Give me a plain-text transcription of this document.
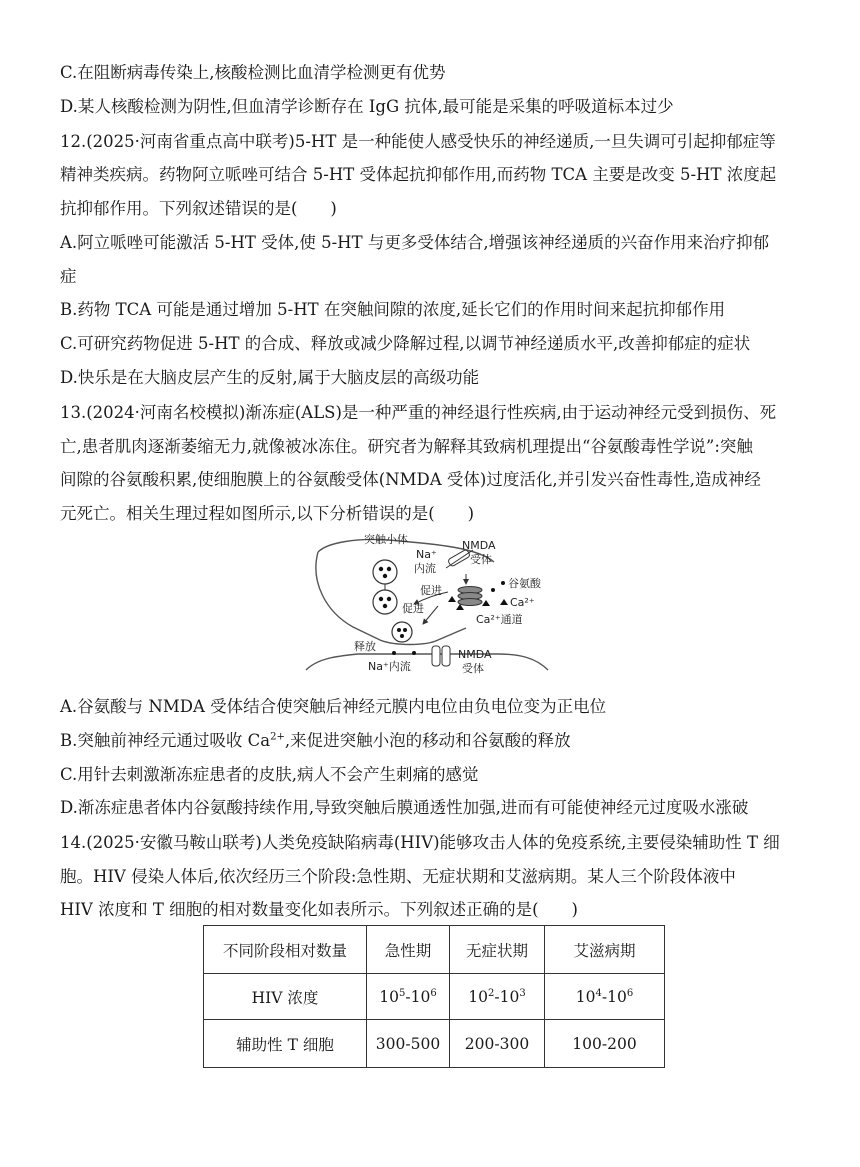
C.在阻断病毒传染上,核酸检测比血清学检测更有优势
D.某人核酸检测为阴性,但血清学诊断存在 IgG 抗体,最可能是采集的呼吸道标本过少
12.(2025·河南省重点高中联考)5-HT 是一种能使人感受快乐的神经递质,一旦失调可引起抑郁症等
精神类疾病。药物阿立哌唑可结合 5-HT 受体起抗抑郁作用,而药物 TCA 主要是改变 5-HT 浓度起
抗抑郁作用。下列叙述错误的是(　　)
A.阿立哌唑可能激活 5-HT 受体,使 5-HT 与更多受体结合,增强该神经递质的兴奋作用来治疗抑郁
症
B.药物 TCA 可能是通过增加 5-HT 在突触间隙的浓度,延长它们的作用时间来起抗抑郁作用
C.可研究药物促进 5-HT 的合成、释放或减少降解过程,以调节神经递质水平,改善抑郁症的症状
D.快乐是在大脑皮层产生的反射,属于大脑皮层的高级功能
13.(2024·河南名校模拟)渐冻症(ALS)是一种严重的神经退行性疾病,由于运动神经元受到损伤、死
亡,患者肌肉逐渐萎缩无力,就像被冰冻住。研究者为解释其致病机理提出“谷氨酸毒性学说”:突触
间隙的谷氨酸积累,使细胞膜上的谷氨酸受体(NMDA 受体)过度活化,并引发兴奋性毒性,造成神经
元死亡。相关生理过程如图所示,以下分析错误的是(　　)
突触小体
Na⁺
内流
NMDA
受体
谷氨酸
Ca²⁺
促进
促进
Ca²⁺通道
释放
Na⁺内流
NMDA
受体
A.谷氨酸与 NMDA 受体结合使突触后神经元膜内电位由负电位变为正电位
B.突触前神经元通过吸收 $Ca^{2+}$,来促进突触小泡的移动和谷氨酸的释放
C.用针去刺激渐冻症患者的皮肤,病人不会产生刺痛的感觉
D.渐冻症患者体内谷氨酸持续作用,导致突触后膜通透性加强,进而有可能使神经元过度吸水涨破
14.(2025·安徽马鞍山联考)人类免疫缺陷病毒(HIV)能够攻击人体的免疫系统,主要侵染辅助性 T 细
胞。HIV 侵染人体后,依次经历三个阶段:急性期、无症状期和艾滋病期。某人三个阶段体液中
HIV 浓度和 T 细胞的相对数量变化如表所示。下列叙述正确的是(　　)
不同阶段相对数量	急性期	无症状期	艾滋病期
HIV 浓度	$10^5-10^6$	$10^2-10^3$	$10^4-10^6$
辅助性 T 细胞	300-500	200-300	100-200
